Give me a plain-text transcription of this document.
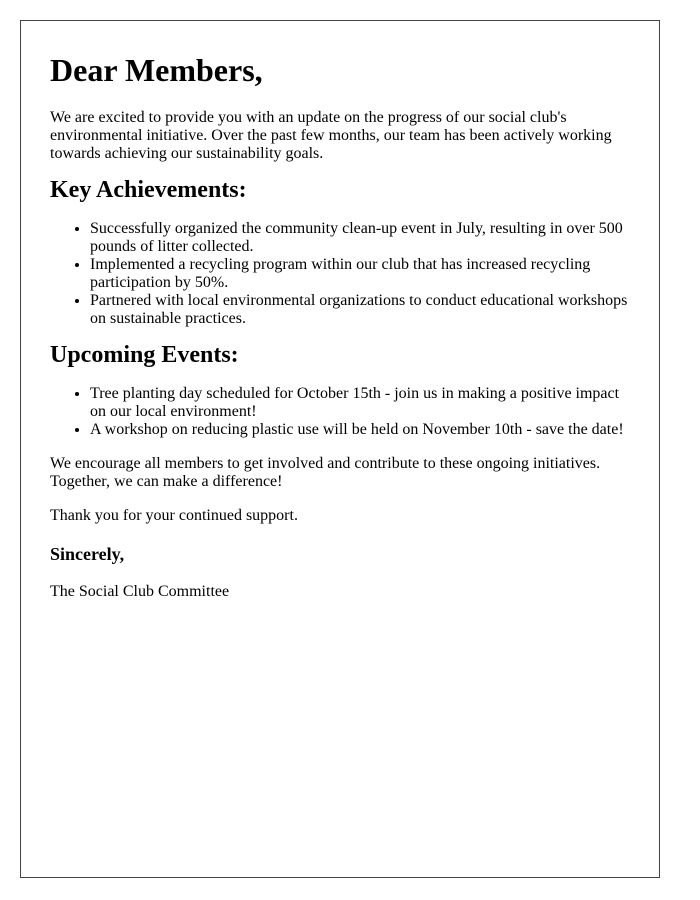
Dear Members,

We are excited to provide you with an update on the progress of our social club's environmental initiative. Over the past few months, our team has been actively working towards achieving our sustainability goals.

Key Achievements:
• Successfully organized the community clean-up event in July, resulting in over 500 pounds of litter collected.
• Implemented a recycling program within our club that has increased recycling participation by 50%.
• Partnered with local environmental organizations to conduct educational workshops on sustainable practices.
Upcoming Events:
• Tree planting day scheduled for October 15th - join us in making a positive impact on our local environment!
• A workshop on reducing plastic use will be held on November 10th - save the date!

We encourage all members to get involved and contribute to these ongoing initiatives. Together, we can make a difference!

Thank you for your continued support.

Sincerely,

The Social Club Committee
